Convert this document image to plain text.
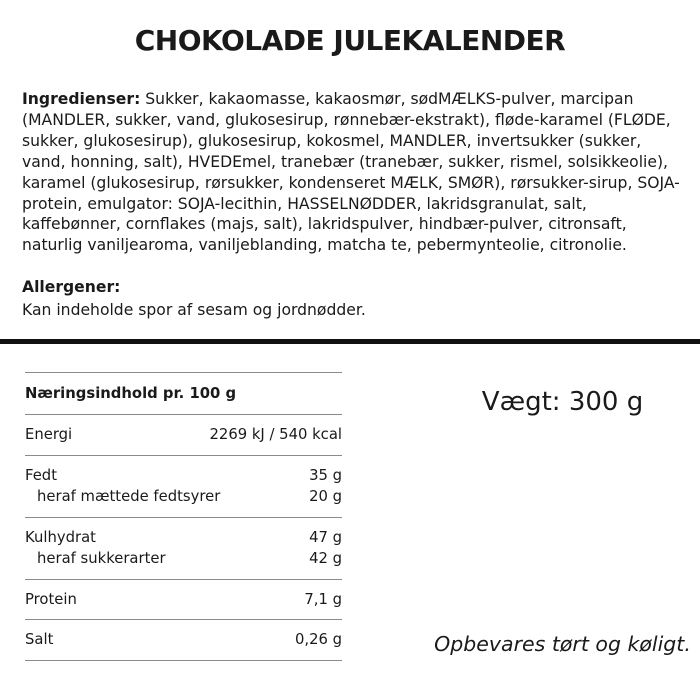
CHOKOLADE JULEKALENDER

Ingredienser: Sukker, kakaomasse, kakaosmør, sødMÆLKS-pulver, marcipan (MANDLER, sukker, vand, glukosesirup, rønnebær-ekstrakt), fløde-karamel (FLØDE, sukker, glukosesirup), glukosesirup, kokosmel, MANDLER, invertsukker (sukker, vand, honning, salt), HVEDEmel, tranebær (tranebær, sukker, rismel, solsikkeolie), karamel (glukosesirup, rørsukker, kondenseret MÆLK, SMØR), rørsukker-sirup, SOJA-protein, emulgator: SOJA-lecithin, HASSELNØDDER, lakridsgranulat, salt, kaffebønner, cornflakes (majs, salt), lakridspulver, hindbær-pulver, citronsaft, naturlig vaniljearoma, vaniljeblanding, matcha te, pebermynteolie, citronolie.

Allergener:
Kan indeholde spor af sesam og jordnødder.
Næringsindhold pr. 100 g
Energi	2269 kJ / 540 kcal
Fedt	35 g
heraf mættede fedtsyrer	20 g
Kulhydrat	47 g
heraf sukkerarter	42 g
Protein	7,1 g
Salt	0,26 g
Vægt: 300 g
Opbevares tørt og køligt.
